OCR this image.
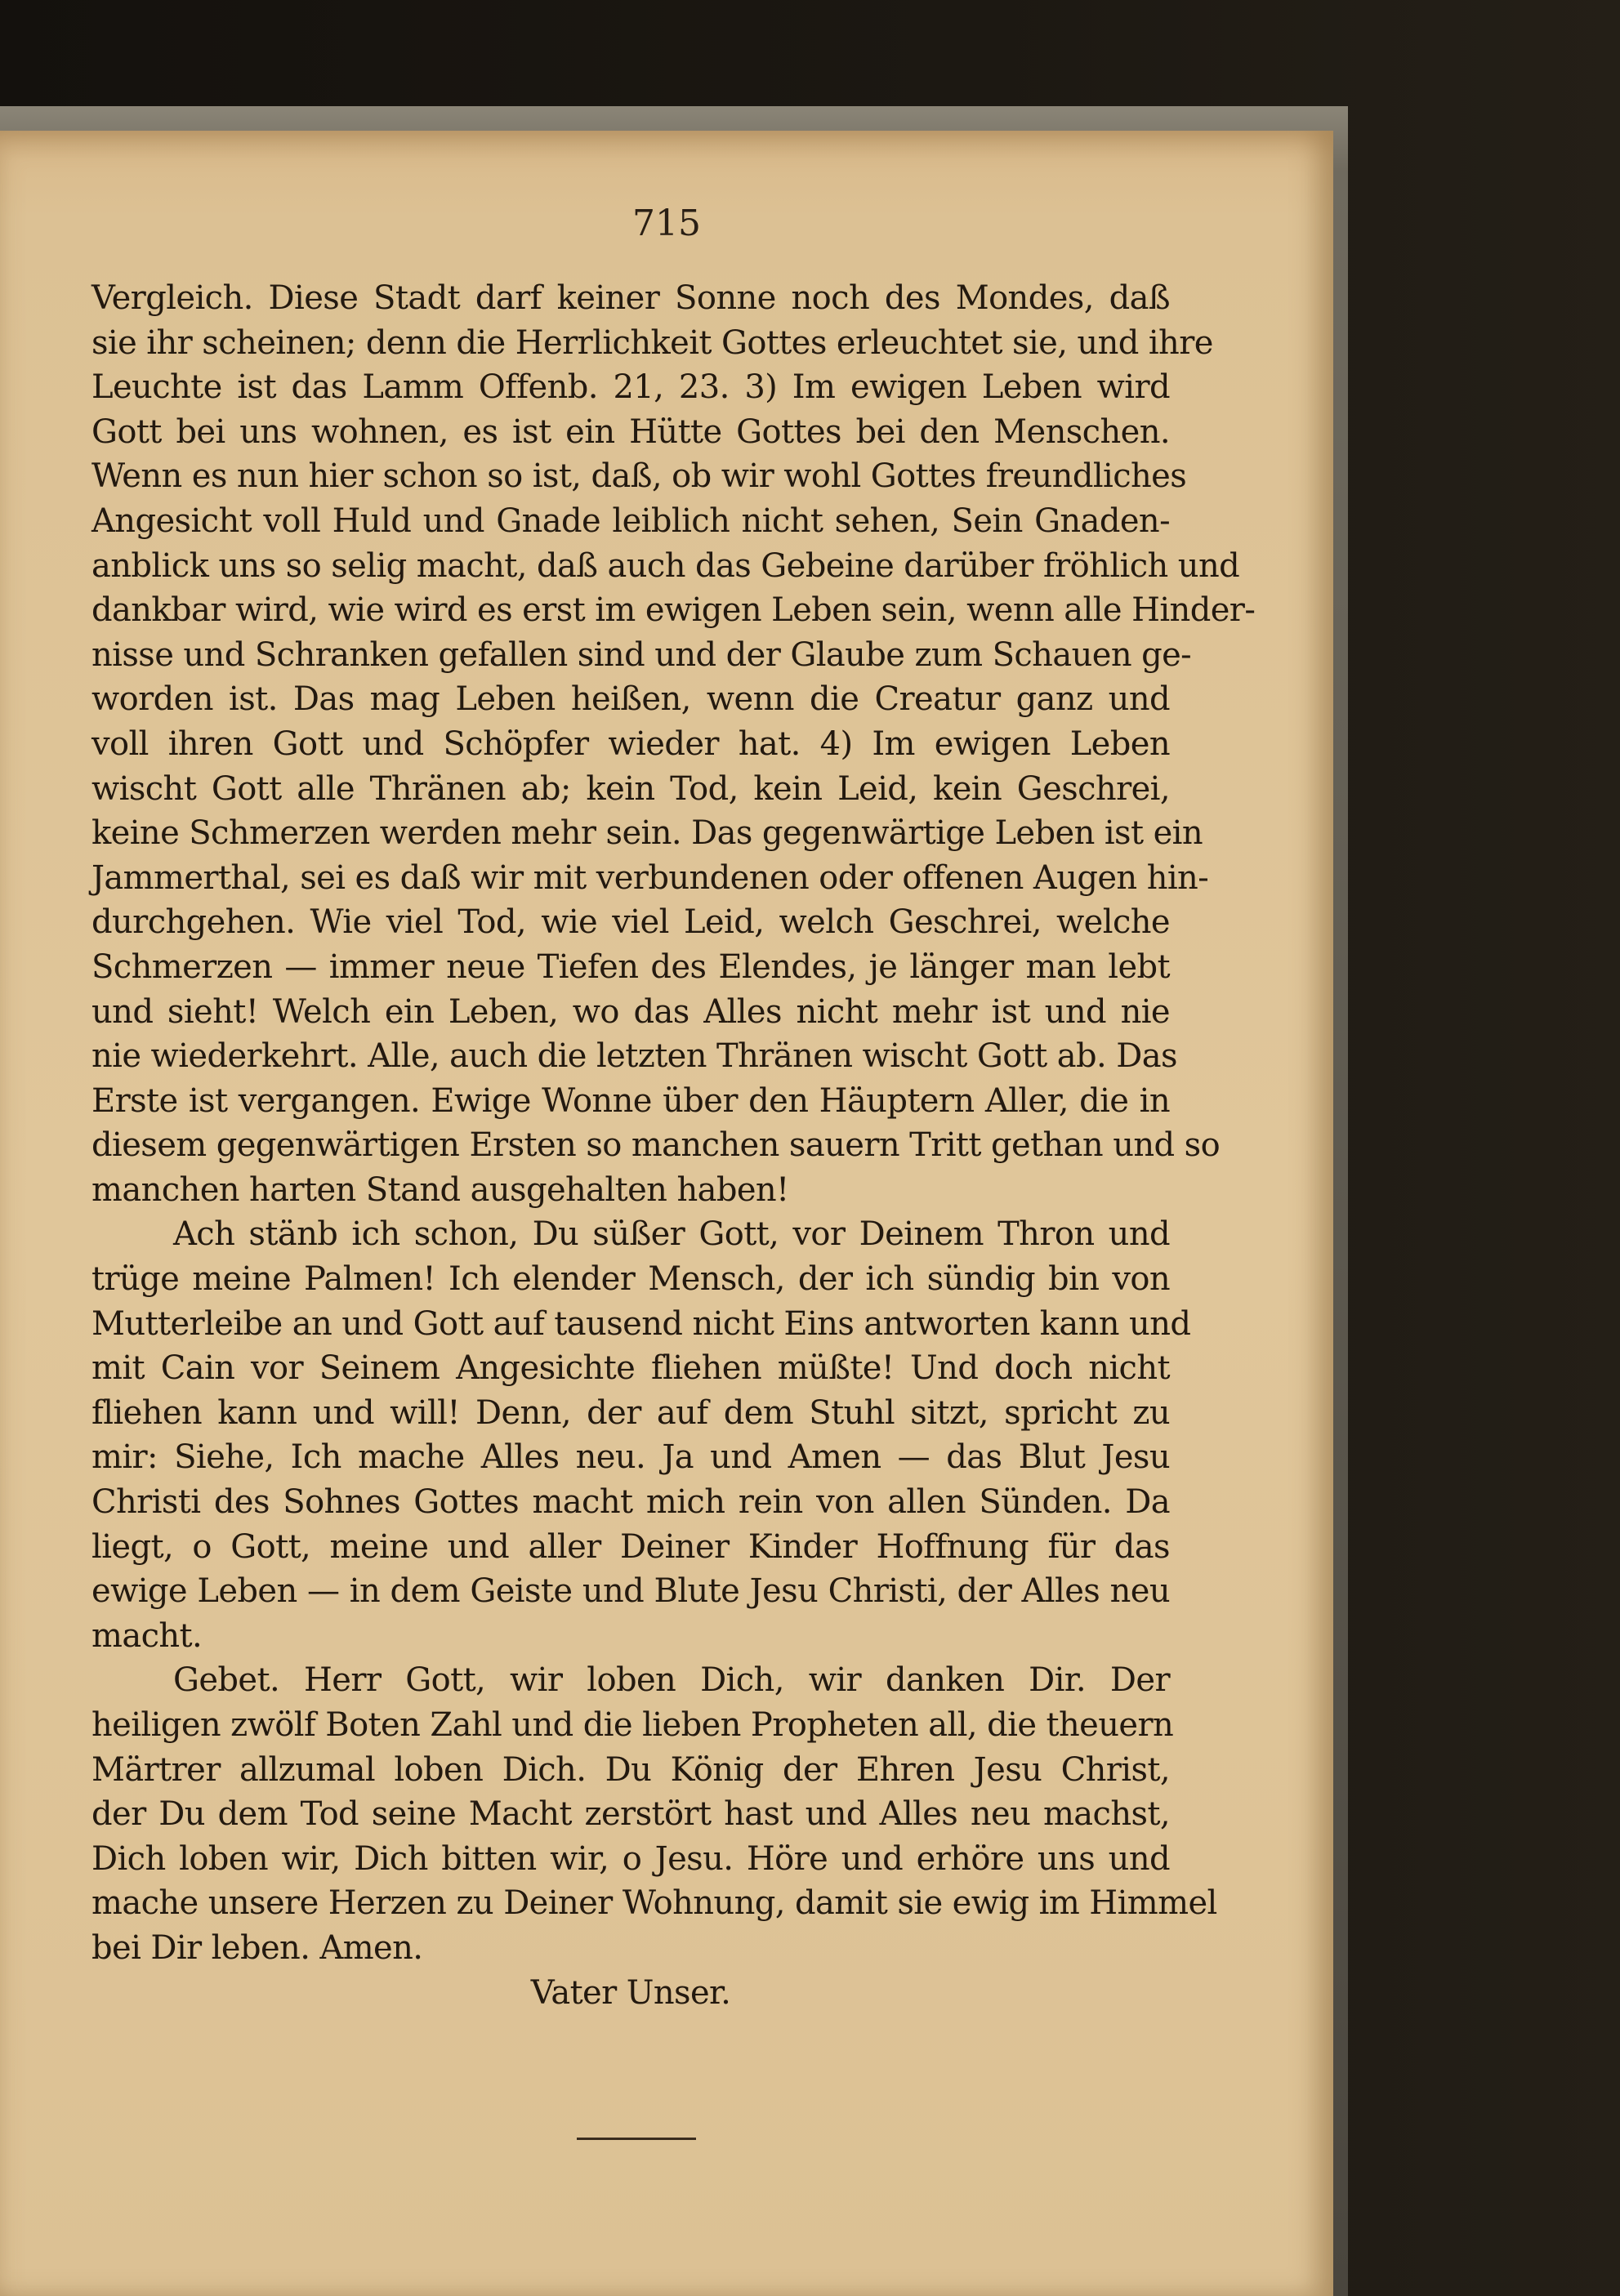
715
Vergleich. Diese Stadt darf keiner Sonne noch des Mondes, daß
sie ihr scheinen; denn die Herrlichkeit Gottes erleuchtet sie, und ihre
Leuchte ist das Lamm Offenb. 21, 23. 3) Im ewigen Leben wird
Gott bei uns wohnen, es ist ein Hütte Gottes bei den Menschen.
Wenn es nun hier schon so ist, daß, ob wir wohl Gottes freundliches
Angesicht voll Huld und Gnade leiblich nicht sehen, Sein Gnaden-
anblick uns so selig macht, daß auch das Gebeine darüber fröhlich und
dankbar wird, wie wird es erst im ewigen Leben sein, wenn alle Hinder-
nisse und Schranken gefallen sind und der Glaube zum Schauen ge-
worden ist. Das mag Leben heißen, wenn die Creatur ganz und
voll ihren Gott und Schöpfer wieder hat. 4) Im ewigen Leben
wischt Gott alle Thränen ab; kein Tod, kein Leid, kein Geschrei,
keine Schmerzen werden mehr sein. Das gegenwärtige Leben ist ein
Jammerthal, sei es daß wir mit verbundenen oder offenen Augen hin-
durchgehen. Wie viel Tod, wie viel Leid, welch Geschrei, welche
Schmerzen — immer neue Tiefen des Elendes, je länger man lebt
und sieht! Welch ein Leben, wo das Alles nicht mehr ist und nie
nie wiederkehrt. Alle, auch die letzten Thränen wischt Gott ab. Das
Erste ist vergangen. Ewige Wonne über den Häuptern Aller, die in
diesem gegenwärtigen Ersten so manchen sauern Tritt gethan und so
manchen harten Stand ausgehalten haben!
Ach stänb ich schon, Du süßer Gott, vor Deinem Thron und
trüge meine Palmen! Ich elender Mensch, der ich sündig bin von
Mutterleibe an und Gott auf tausend nicht Eins antworten kann und
mit Cain vor Seinem Angesichte fliehen müßte! Und doch nicht
fliehen kann und will! Denn, der auf dem Stuhl sitzt, spricht zu
mir: Siehe, Ich mache Alles neu. Ja und Amen — das Blut Jesu
Christi des Sohnes Gottes macht mich rein von allen Sünden. Da
liegt, o Gott, meine und aller Deiner Kinder Hoffnung für das
ewige Leben — in dem Geiste und Blute Jesu Christi, der Alles neu
macht.
Gebet. Herr Gott, wir loben Dich, wir danken Dir. Der
heiligen zwölf Boten Zahl und die lieben Propheten all, die theuern
Märtrer allzumal loben Dich. Du König der Ehren Jesu Christ,
der Du dem Tod seine Macht zerstört hast und Alles neu machst,
Dich loben wir, Dich bitten wir, o Jesu. Höre und erhöre uns und
mache unsere Herzen zu Deiner Wohnung, damit sie ewig im Himmel
bei Dir leben. Amen.
Vater Unser.
